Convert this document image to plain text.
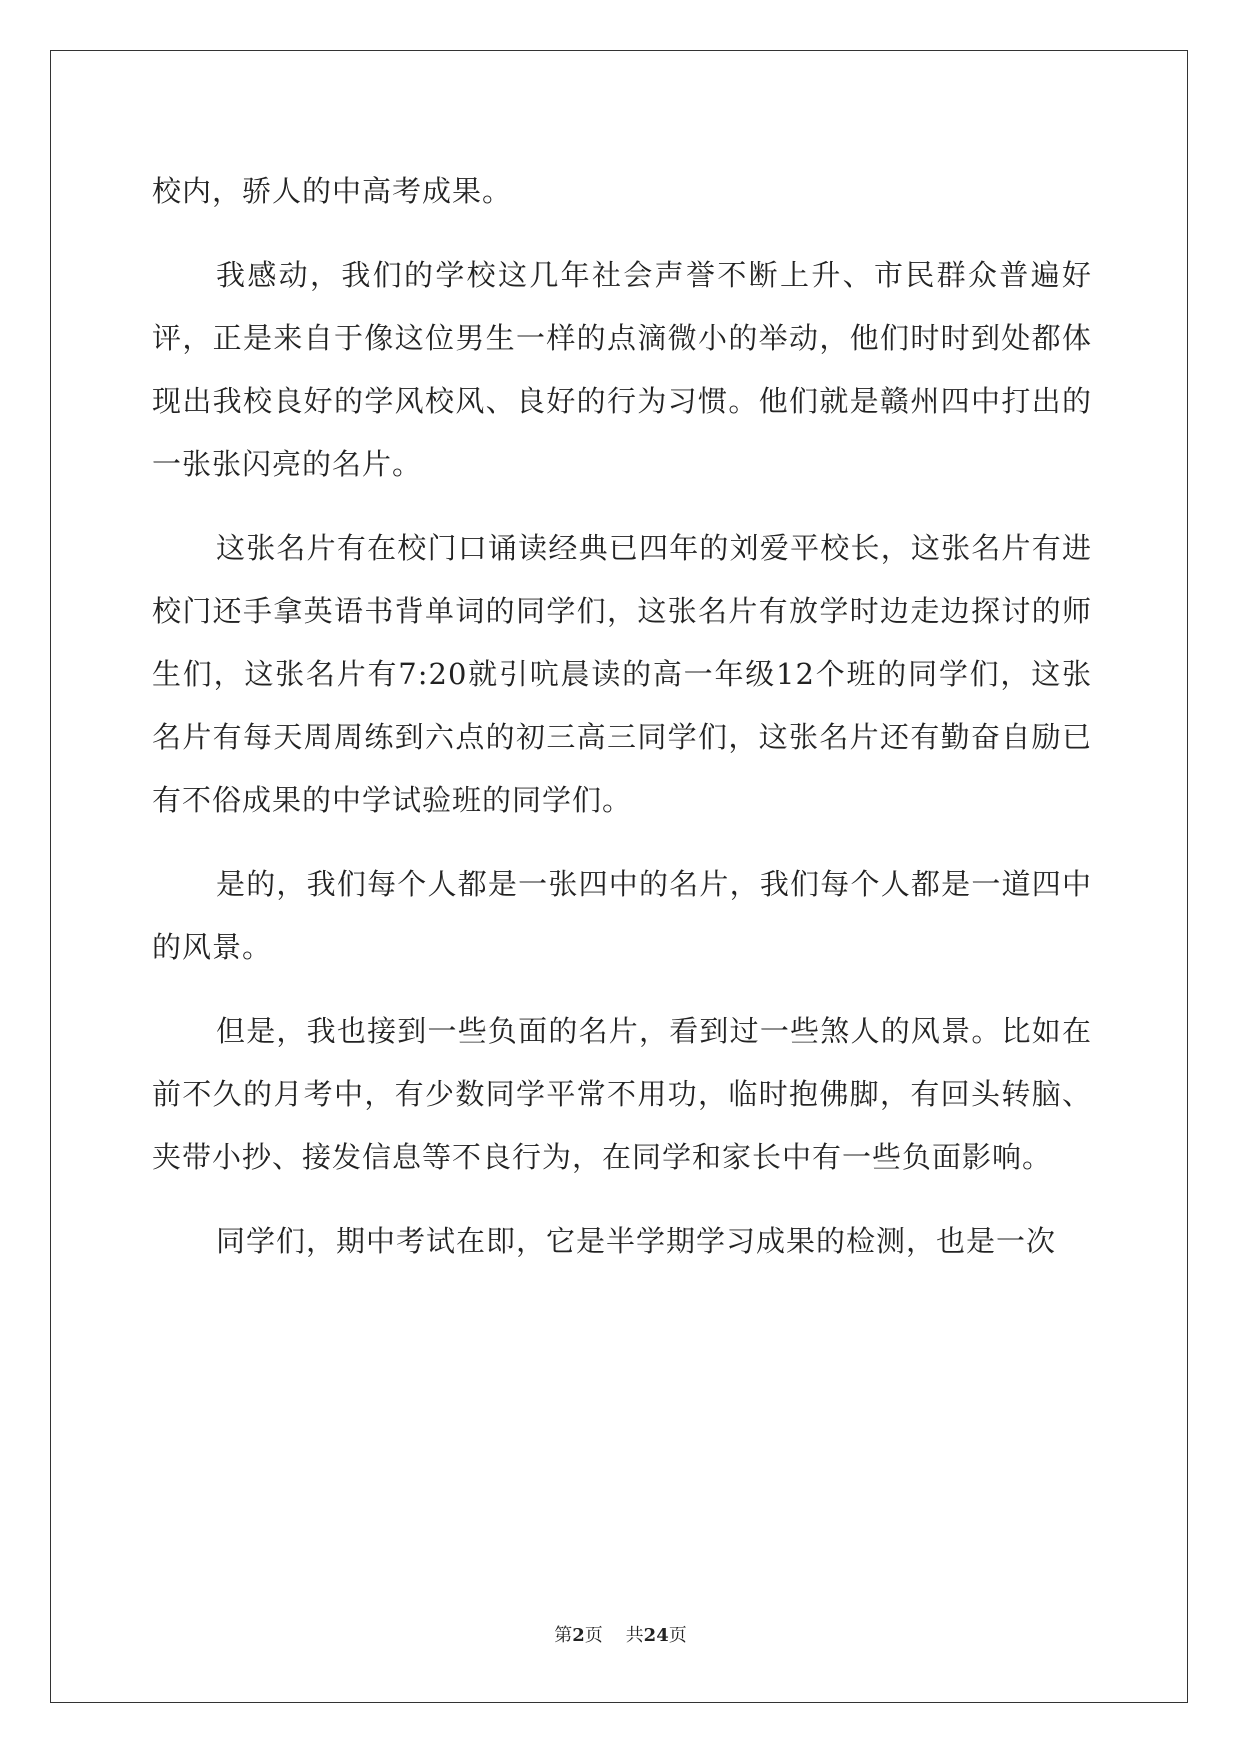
校内，骄人的中高考成果。

我感动，我们的学校这几年社会声誉不断上升、市民群众普遍好评，正是来自于像这位男生一样的点滴微小的举动，他们时时到处都体现出我校良好的学风校风、良好的行为习惯。他们就是赣州四中打出的一张张闪亮的名片。

这张名片有在校门口诵读经典已四年的刘爱平校长，这张名片有进校门还手拿英语书背单词的同学们，这张名片有放学时边走边探讨的师生们，这张名片有7:20就引吭晨读的高一年级12个班的同学们，这张名片有每天周周练到六点的初三高三同学们，这张名片还有勤奋自励已有不俗成果的中学试验班的同学们。

是的，我们每个人都是一张四中的名片，我们每个人都是一道四中的风景。

但是，我也接到一些负面的名片，看到过一些煞人的风景。比如在前不久的月考中，有少数同学平常不用功，临时抱佛脚，有回头转脑、夹带小抄、接发信息等不良行为，在同学和家长中有一些负面影响。

同学们，期中考试在即，它是半学期学习成果的检测，也是一次

第2页 共24页
